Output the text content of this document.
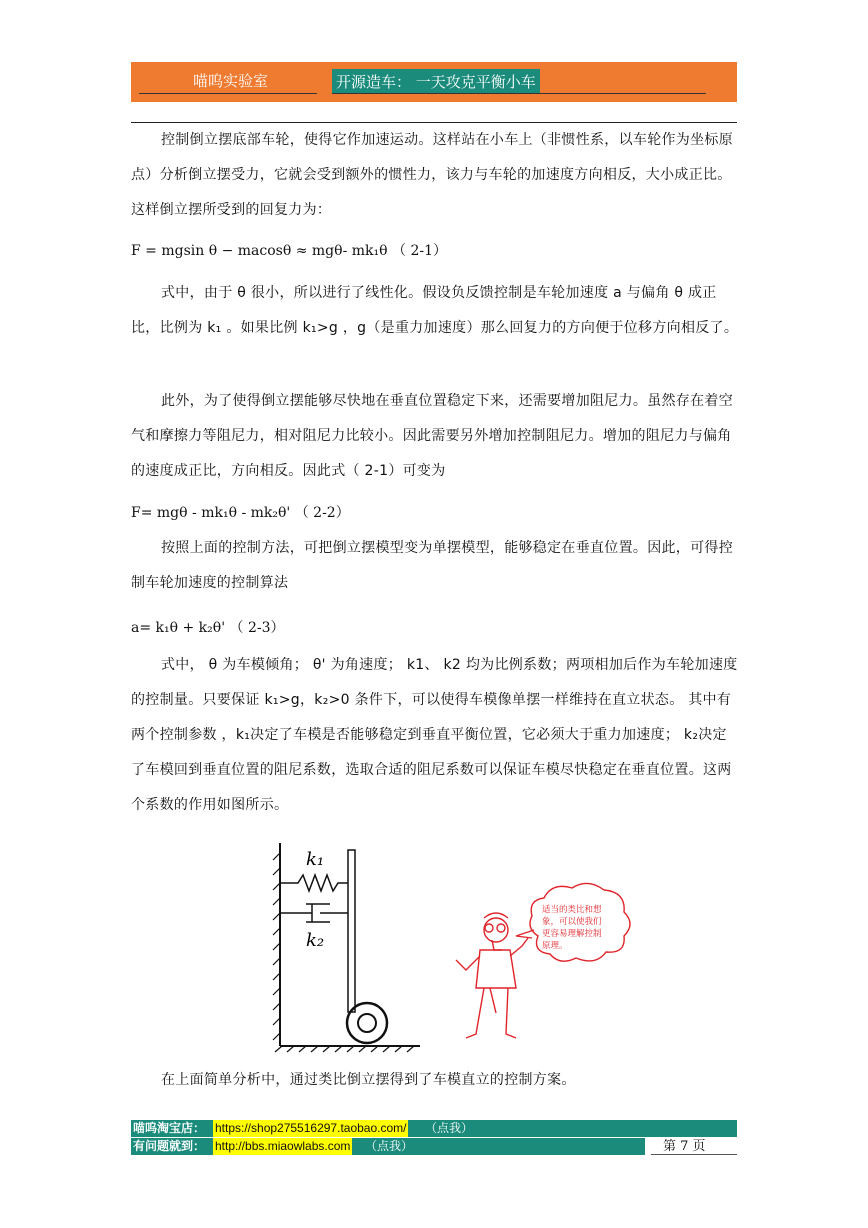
喵呜实验室	开源造车： 一天攻克平衡小车
控制倒立摆底部车轮，使得它作加速运动。这样站在小车上（非惯性系，以车轮作为坐标原点）分析倒立摆受力，它就会受到额外的惯性力，该力与车轮的加速度方向相反，大小成正比。这样倒立摆所受到的回复力为：
F = mgsin θ − macosθ ≈ mgθ- mk₁θ （ 2-1）
式中，由于 θ 很小，所以进行了线性化。假设负反馈控制是车轮加速度 a 与偏角 θ 成正比，比例为 k₁ 。如果比例 k₁>g ，g（是重力加速度）那么回复力的方向便于位移方向相反了。
此外，为了使得倒立摆能够尽快地在垂直位置稳定下来，还需要增加阻尼力。虽然存在着空气和摩擦力等阻尼力，相对阻尼力比较小。因此需要另外增加控制阻尼力。增加的阻尼力与偏角的速度成正比，方向相反。因此式（ 2-1）可变为
F= mgθ - mk₁θ - mk₂θ' （ 2-2）
按照上面的控制方法，可把倒立摆模型变为单摆模型，能够稳定在垂直位置。因此，可得控制车轮加速度的控制算法
a= k₁θ + k₂θ' （ 2-3）
式中， θ 为车模倾角； θ' 为角速度； k1、 k2 均为比例系数；两项相加后作为车轮加速度 的控制量。只要保证 k₁>g，k₂>0 条件下，可以使得车模像单摆一样维持在直立状态。 其中有两个控制参数 ，k₁决定了车模是否能够稳定到垂直平衡位置，它必须大于重力加速度； k₂决定了车模回到垂直位置的阻尼系数，选取合适的阻尼系数可以保证车模尽快稳定在垂直位置。这两个系数的作用如图所示。
k₁
k₂
适当的类比和想
象，可以使我们
更容易理解控制
原理。
在上面简单分析中，通过类比倒立摆得到了车模直立的控制方案。
喵呜淘宝店： https://shop275516297.taobao.com/ （点我）
有问题就到： http://bbs.miaowlabs.com （点我）	第 7 页
